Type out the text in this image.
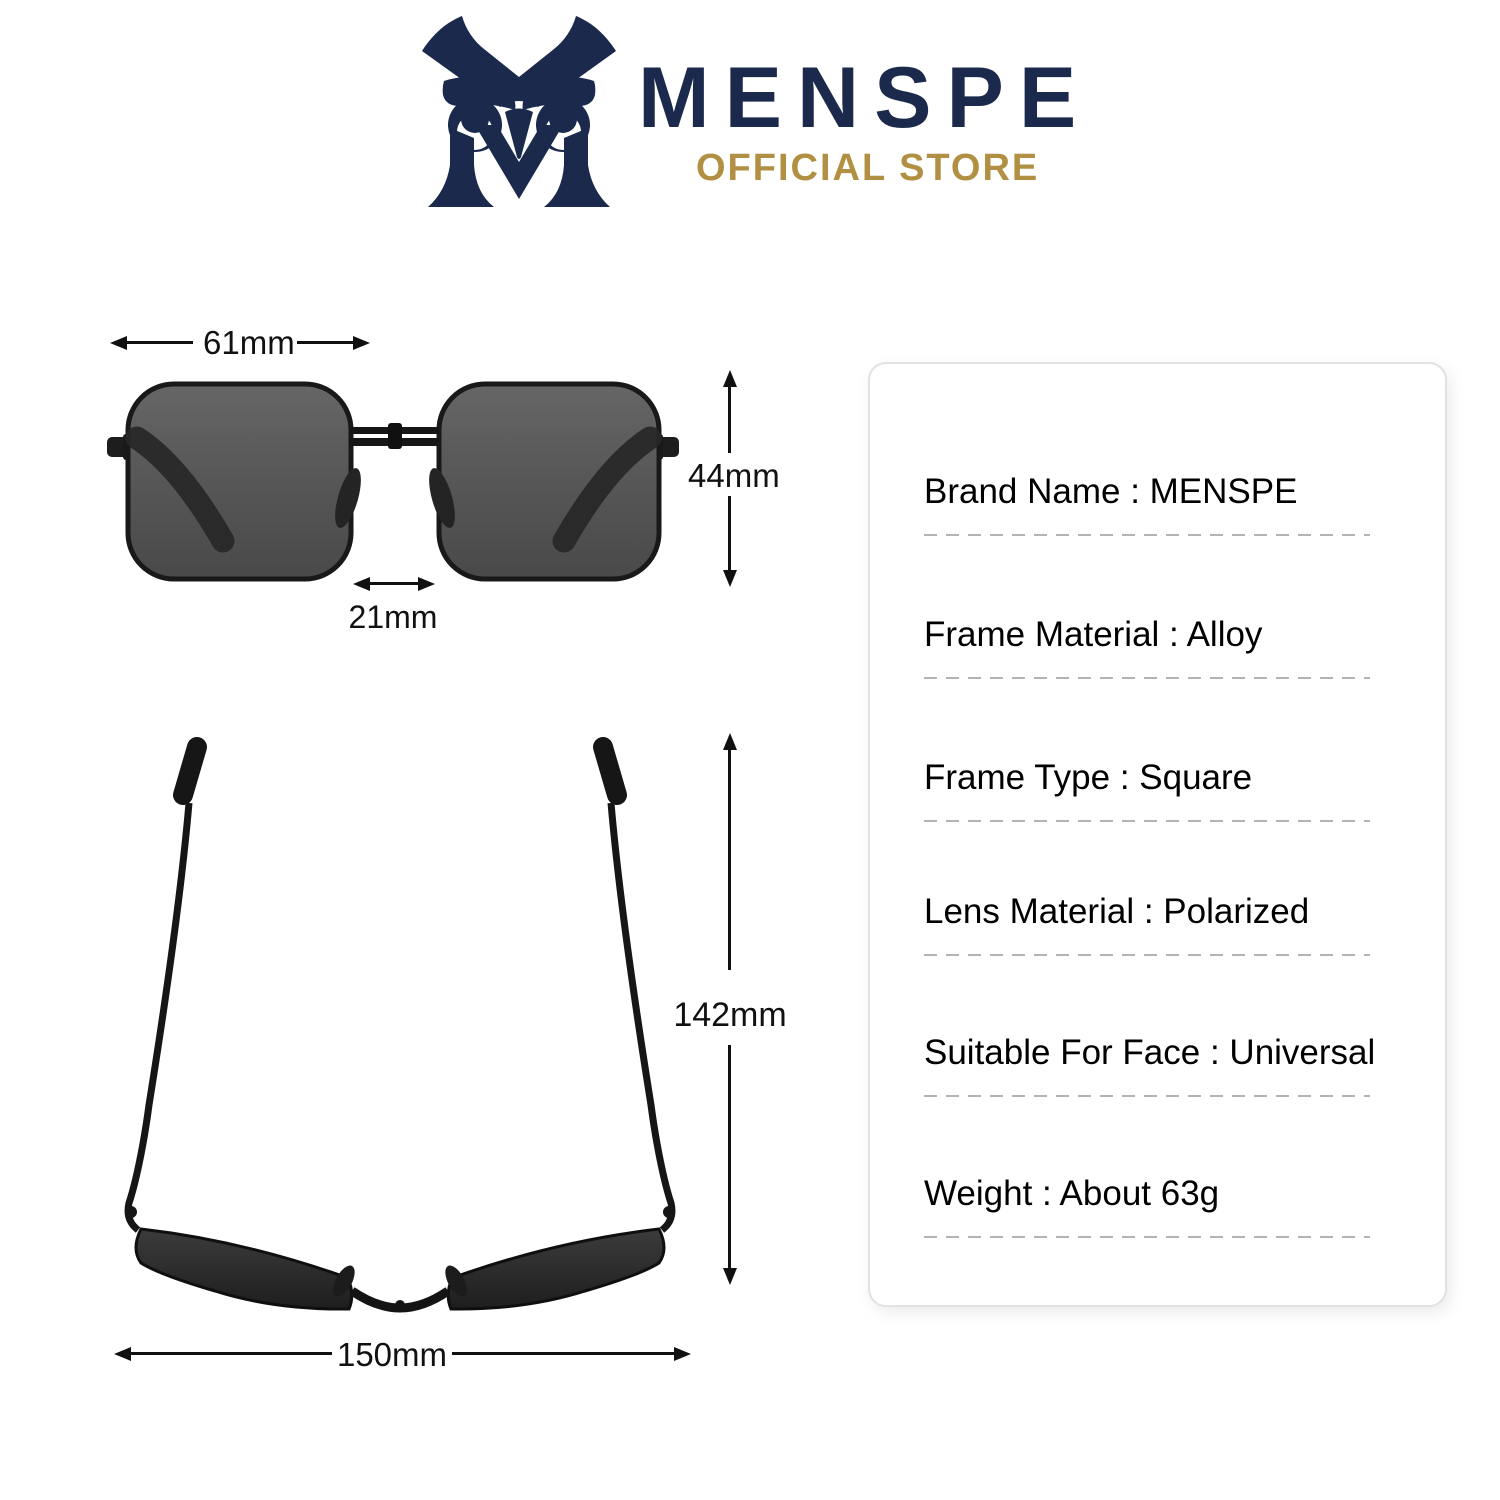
MENSPE
OFFICIAL STORE
61mm
44mm
21mm
142mm
150mm
Brand Name : MENSPE
Frame Material : Alloy
Frame Type : Square
Lens Material : Polarized
Suitable For Face : Universal
Weight : About 63g
